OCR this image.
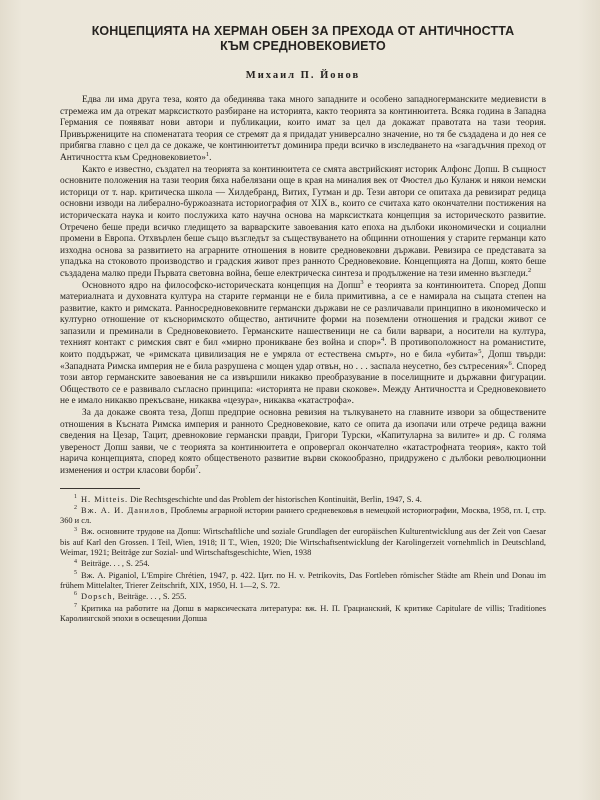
КОНЦЕПЦИЯТА НА ХЕРМАН ОБЕН ЗА ПРЕХОДА ОТ АНТИЧНОСТТА
КЪМ СРЕДНОВЕКОВИЕТО
Михаил П. Йонов

Едва ли има друга теза, която да обединява така много западните и особено западногерманските медиевисти в стремежа им да отрекат марксисткото разбиране на историята, както теорията за континюитета. Всяка година в Западна Германия се появяват нови автори и публикации, които имат за цел да докажат правотата на тази теория. Привържениците на споменатата теория се стремят да я придадат универсално значение, но тя бе създадена и до нея се прибягва главно с цел да се докаже, че континюитетът доминира преди всичко в изследването на «загадъчния преход от Античността към Средновековието»$^1$.

Както е известно, създател на теорията за континюитета се смята австрийският историк Алфонс Допш. В същност основните положения на тази теория бяха набелязани още в края на миналия век от Фюстел дьо Куланж и някои немски историци от т. нар. критическа школа — Хилдебранд, Витих, Гутман и др. Тези автори се опитаха да ревизират редица основни изводи на либерално-буржоазната историография от XIX в., които се считаха като окончателни постижения на историческата наука и които послужиха като научна основа на марксистката концепция за историческото развитие. Отречено беше преди всичко гледището за варварските завоевания като епоха на дълбоки икономически и социални промени в Европа. Отхвърлен беше също възгледът за съществуването на общинни отношения у старите германци като изходна основа за развитието на аграрните отношения в новите средновековни държави. Ревизира се представата за упадъка на стоковото производство и градския живот през ранното Средновековие. Концепцията на Допш, която беше създадена малко преди Първата световна война, беше електрическа синтеза и продължение на тези именно възгледи.$^2$

Основното ядро на философско-историческата концепция на Допш$^3$ е теорията за континюитета. Според Допш материалната и духовната култура на старите германци не е била примитивна, а се е намирала на същата степен на развитие, както и римската. Раннoсредновековните германски държави не се различавали принципно в икономическо и културно отношение от късноримското общество, античните форми на поземлени отношения и градски живот се запазили и преминали в Средновековието. Германските нашественици не са били варвари, а носители на култура, техният контакт с римския свят е бил «мирно проникване без война и спор»$^4$. В противоположност на романистите, които поддържат, че «римската цивилизация не е умряла от естествена смърт», но е била «убита»$^5$, Допш твърди: «Западната Римска империя не е била разрушена с мощен удар отвън, но . . . заспала неусетно, без сътресения»$^6$. Според този автор германските завоевания не са извършили никакво преобразувание в поселищните и държавни фигурации. Обществото се е развивало съгласно принципа: «историята не прави скокове». Между Античността и Средновековието не е имало никакво прекъсване, никаква «цезура», никаква «катастрофа».

За да докаже своята теза, Допш предприе основна ревизия на тълкуването на главните извори за обществените отношения в Късната Римска империя и ранното Средновековие, като се опита да изопачи или отрече редица важни сведения на Цезар, Тацит, древноковие германски правди, Григори Турски, «Капитуларна за вилите» и др. С голяма увереност Допш заяви, че с теорията за континюитета е опровергал окончателно «катастрофната теория», както той нарича концепцията, според която общественото развитие върви скокообразно, придружено с дълбоки революционни изменения и остри класови борби$^7$.

$^1$ H. Mitteis. Die Rechtsgeschichte und das Problem der historischen Kontinuität, Berlin, 1947, S. 4.

$^2$ Вж. А. И. Данилов, Проблемы аграрной истории раннего средневековья в немецкой историографии, Москва, 1958, гл. I, стр. 360 и сл.

$^3$ Вж. основните трудове на Допш: Wirtschaftliche und soziale Grundlagen der europäischen Kulturentwicklung aus der Zeit von Caesar bis auf Karl den Grossen. I Teil, Wien, 1918; II T., Wien, 1920; Die Wirtschaftsentwicklung der Karolingerzeit vornehmlich in Deutschland, Weimar, 1921; Beiträge zur Sozial- und Wirtschaftsgeschichte, Wien, 1938

$^4$ Beiträge. . . , S. 254.

$^5$ Вж. A. Piganiol, L'Empire Chrétien, 1947, p. 422. Цит. по H. v. Petrikovits, Das Fortleben römischer Städte am Rhein und Donau im frühem Mittelalter, Trierer Zeitschrift, XIX, 1950, H. 1—2, S. 72.

$^6$ Dopsch, Beiträge. . . , S. 255.

$^7$ Критика на работите на Допш в марксическата литература: вж. Н. П. Грацианский, К критике Capitulare de villis; Traditiones Каролингской эпохи в освещении Допша
